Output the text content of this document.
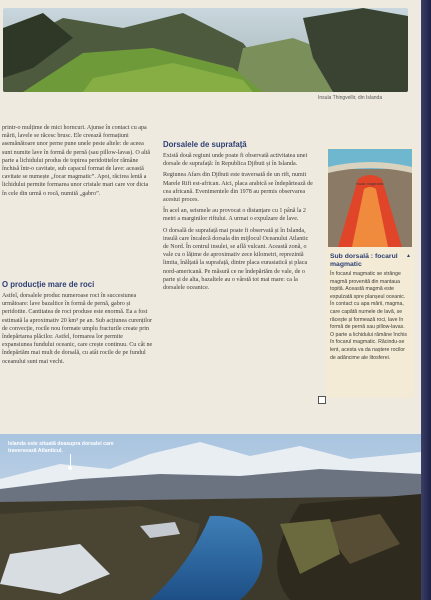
Insula Thingvellir, din Islanda

printr-o mulțime de mici horncuri. Ajunse în contact cu apa mării, lavele se răcesc brusc. Ele creează formațiuni asemănătoare unor perne pune unele peste altele: de aceea sunt numite lave în formă de pernă (sau pillow-lavas). O altă parte a lichidului produs de topirea peridotitelor rămâne închisă într-o cavitate, sub capacul format de lave: această cavitate se numește „focar magmatic”. Apoi, răcirea lentă a lichidului permite formarea unor cristale mari care vor dicta în cele din urmă o rocă, numită „gabro”.

O producție mare de roci

Astfel, dorsalele produc numeroase roci în succesiunea următoare: lave bazaltice în formă de pernă, gabro și peridotite. Cantitatea de roci produse este enormă. Ea a fost estimată la aproximativ 20 km³ pe an. Sub acțiunea curenților de convecție, rocile nou formate umplu fracturile create prin îndepărtarea plăcilor. Astfel, formarea lor permite expansiunea fundului oceanic, care crește continuu. Cu cât ne îndepărtăm mai mult de dorsală, cu atât rocile de pe fundul oceanului sunt mai vechi.

Dorsalele de suprafață

Există două regiuni unde poate fi observată activitatea unei dorsale de suprafață: în Republica Djibuti și în Islanda.

Regiunea Afars din Djibuti este traversată de un rift, numit Marele Rift est-african. Aici, placa arabică se îndepărtează de cea africană. Evenimentele din 1978 au permis observarea acestui proces.

În acel an, seismele au provocat o distanțare cu 1 până la 2 metri a marginilor riftului. A urmat o expulzare de lave.

O dorsală de suprafață mai poate fi observată și în Islanda, insulă care încalecă dorsala din mijlocul Oceanului Atlantic de Nord. În centrul insulei, se află vulcani. Această zonă, o vale cu o lățime de aproximativ zece kilometri, reprezintă limita, înălțată la suprafață, dintre placa eurasiatică și placa nord-americană. Pe măsură ce ne îndepărtăm de vale, de o parte și de alta, bazaltele au o vârstă tot mai mare: ca la dorsalele oceanice.

focar magmatic
Sub dorsală : focarul magmatic
▲
În focarul magmatic se strânge magmă provenită din mantaua topită. Această magmă este expulzată spre planșeul oceanic. În contact cu apa mării, magma, care capătă numele de lavă, se răcește și formează roci, lave în formă de pernă sau pillow-lavas. O parte a lichidului rămâne închis în focarul magmatic. Răcindu-se lent, acesta va da naștere rocilor de adâncime ale litosferei.
Islanda este situată deasupra dorsalei care traversează Atlanticul.
